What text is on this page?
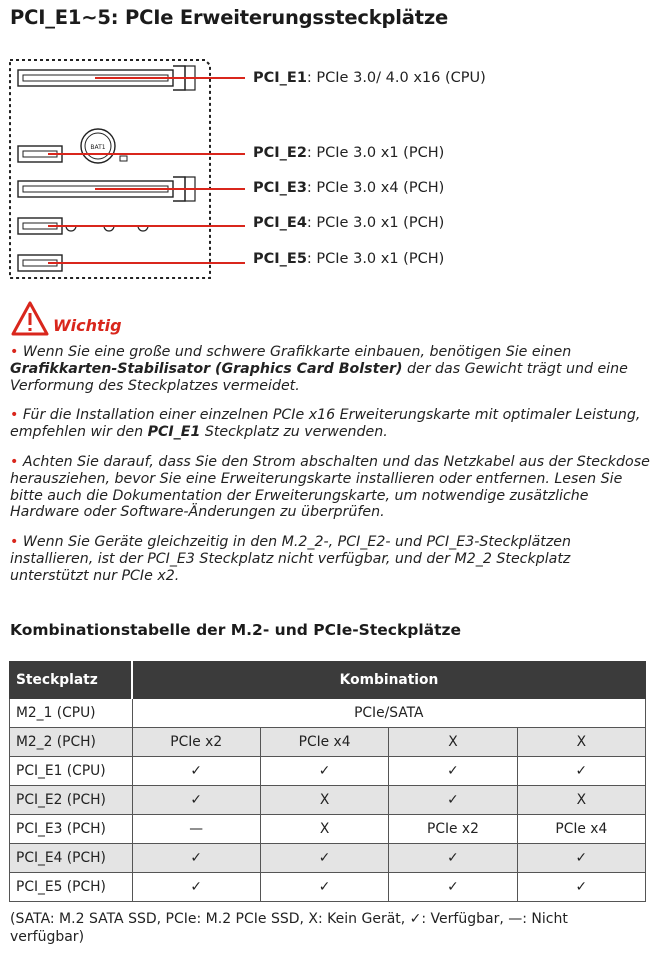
PCI_E1~5: PCIe Erweiterungssteckplätze
BAT1
PCI_E1: PCIe 3.0/ 4.0 x16 (CPU)
PCI_E2: PCIe 3.0 x1 (PCH)
PCI_E3: PCIe 3.0 x4 (PCH)
PCI_E4: PCIe 3.0 x1 (PCH)
PCI_E5: PCIe 3.0 x1 (PCH)
Wichtig

• Wenn Sie eine große und schwere Grafikkarte einbauen, benötigen Sie einen Grafikkarten-Stabilisator (Graphics Card Bolster) der das Gewicht trägt und eine Verformung des Steckplatzes vermeidet.

• Für die Installation einer einzelnen PCIe x16 Erweiterungskarte mit optimaler Leistung, empfehlen wir den PCI_E1 Steckplatz zu verwenden.

• Achten Sie darauf, dass Sie den Strom abschalten und das Netzkabel aus der Steckdose herausziehen, bevor Sie eine Erweiterungskarte installieren oder entfernen. Lesen Sie bitte auch die Dokumentation der Erweiterungskarte, um notwendige zusätzliche Hardware oder Software-Änderungen zu überprüfen.

• Wenn Sie Geräte gleichzeitig in den M.2_2-, PCI_E2- und PCI_E3-Steckplätzen installieren, ist der PCI_E3 Steckplatz nicht verfügbar, und der M2_2 Steckplatz unterstützt nur PCIe x2.

Kombinationstabelle der M.2- und PCIe-Steckplätze
Steckplatz	Kombination			
M2_1 (CPU)	PCIe/SATA			
M2_2 (PCH)	PCIe x2	PCIe x4	X	X
PCI_E1 (CPU)	✓	✓	✓	✓
PCI_E2 (PCH)	✓	X	✓	X
PCI_E3 (PCH)	—	X	PCIe x2	PCIe x4
PCI_E4 (PCH)	✓	✓	✓	✓
PCI_E5 (PCH)	✓	✓	✓	✓
(SATA: M.2 SATA SSD, PCIe: M.2 PCIe SSD, X: Kein Gerät, ✓: Verfügbar, —: Nicht verfügbar)
